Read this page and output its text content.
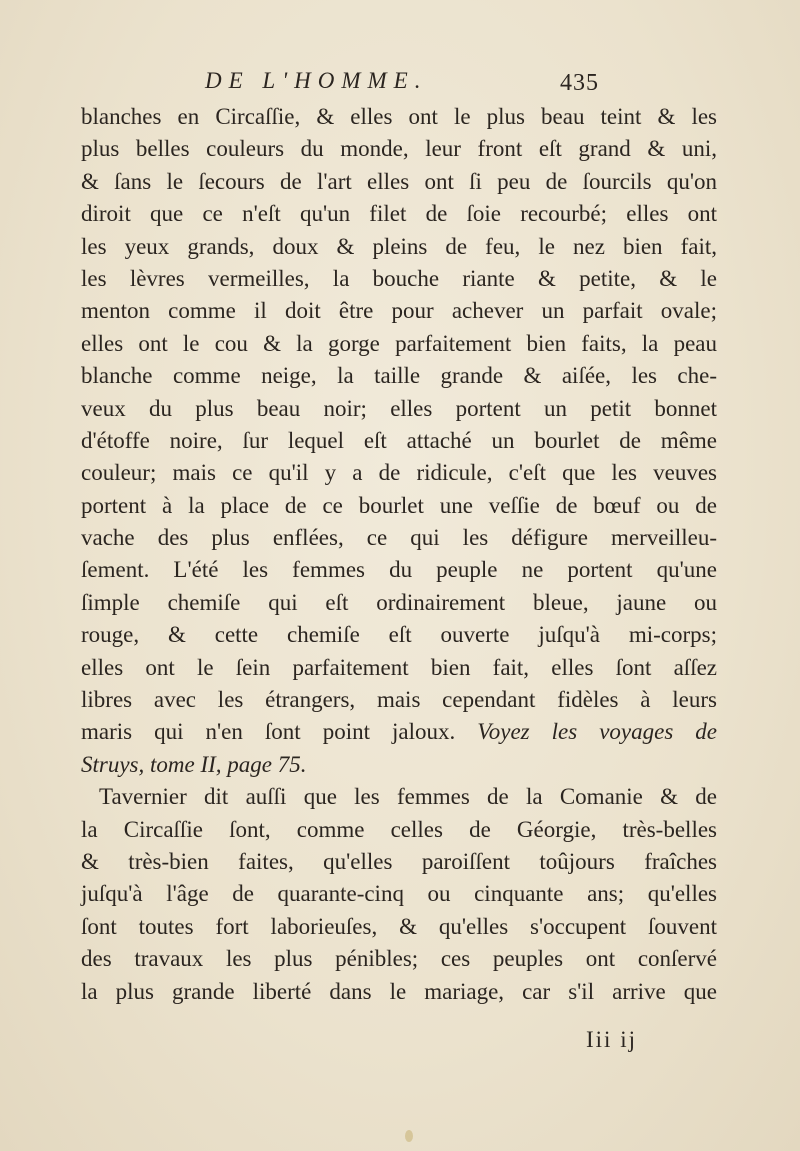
DE L'HOMME.	435
blanches en Circaſſie, & elles ont le plus beau teint & les
plus belles couleurs du monde, leur front eſt grand & uni,
& ſans le ſecours de l'art elles ont ſi peu de ſourcils qu'on
diroit que ce n'eſt qu'un filet de ſoie recourbé; elles ont
les yeux grands, doux & pleins de feu, le nez bien fait,
les lèvres vermeilles, la bouche riante & petite, & le
menton comme il doit être pour achever un parfait ovale;
elles ont le cou & la gorge parfaitement bien faits, la peau
blanche comme neige, la taille grande & aiſée, les che-
veux du plus beau noir; elles portent un petit bonnet
d'étoffe noire, ſur lequel eſt attaché un bourlet de même
couleur; mais ce qu'il y a de ridicule, c'eſt que les veuves
portent à la place de ce bourlet une veſſie de bœuf ou de
vache des plus enflées, ce qui les défigure merveilleu-
ſement. L'été les femmes du peuple ne portent qu'une
ſimple chemiſe qui eſt ordinairement bleue, jaune ou
rouge, & cette chemiſe eſt ouverte juſqu'à mi-corps;
elles ont le ſein parfaitement bien fait, elles ſont aſſez
libres avec les étrangers, mais cependant fidèles à leurs
maris qui n'en ſont point jaloux. Voyez les voyages de
Struys, tome II, page 75.
Tavernier dit auſſi que les femmes de la Comanie & de
la Circaſſie ſont, comme celles de Géorgie, très-belles
& très-bien faites, qu'elles paroiſſent toûjours fraîches
juſqu'à l'âge de quarante-cinq ou cinquante ans; qu'elles
ſont toutes fort laborieuſes, & qu'elles s'occupent ſouvent
des travaux les plus pénibles; ces peuples ont conſervé
la plus grande liberté dans le mariage, car s'il arrive que
Iii ij
